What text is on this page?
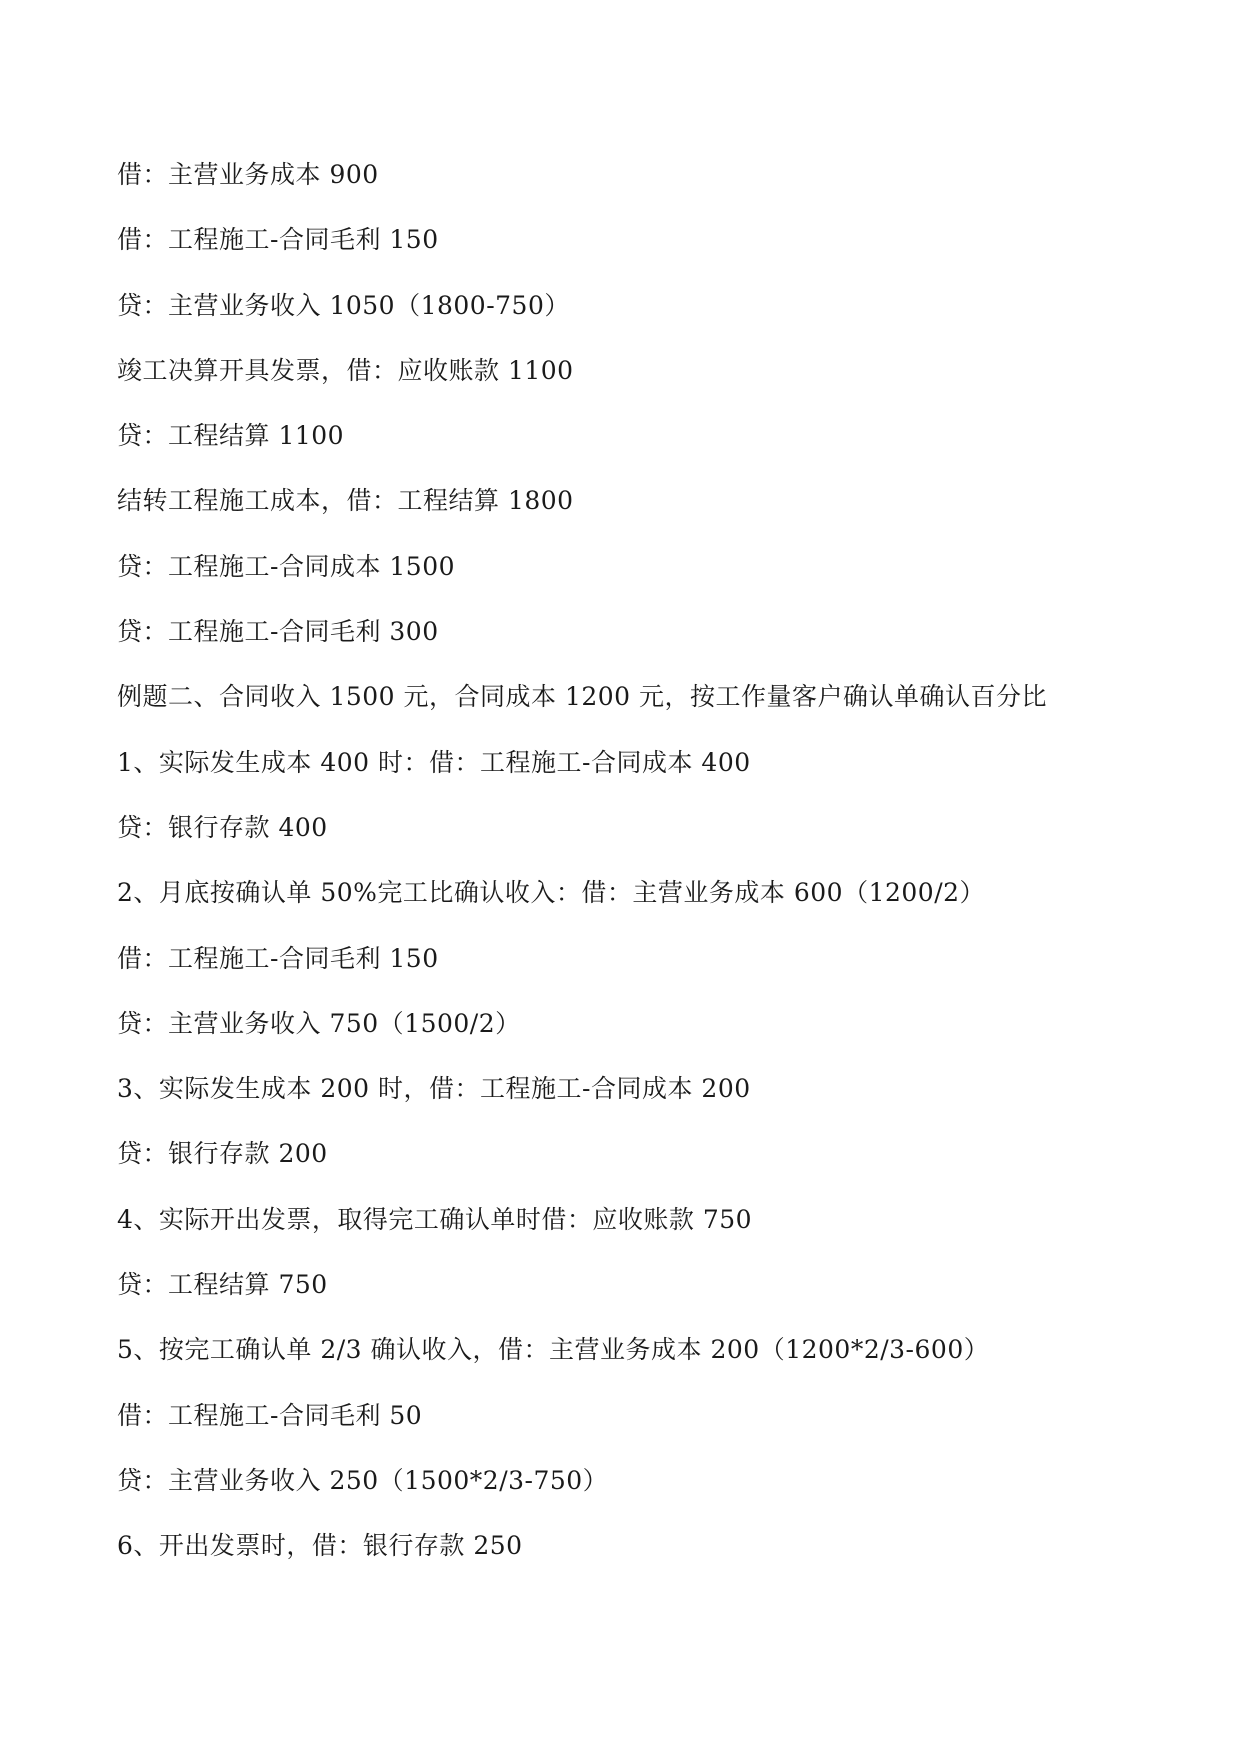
借：主营业务成本 900
借：工程施工-合同毛利 150
贷：主营业务收入 1050（1800-750）
竣工决算开具发票，借：应收账款 1100
贷：工程结算 1100
结转工程施工成本，借：工程结算 1800
贷：工程施工-合同成本 1500
贷：工程施工-合同毛利 300
例题二、合同收入 1500 元，合同成本 1200 元，按工作量客户确认单确认百分比
1、实际发生成本 400 时：借：工程施工-合同成本 400
贷：银行存款 400
2、月底按确认单 50%完工比确认收入：借：主营业务成本 600（1200/2）
借：工程施工-合同毛利 150
贷：主营业务收入 750（1500/2）
3、实际发生成本 200 时，借：工程施工-合同成本 200
贷：银行存款 200
4、实际开出发票，取得完工确认单时借：应收账款 750
贷：工程结算 750
5、按完工确认单 2/3 确认收入，借：主营业务成本 200（1200*2/3-600）
借：工程施工-合同毛利 50
贷：主营业务收入 250（1500*2/3-750）
6、开出发票时，借：银行存款 250
